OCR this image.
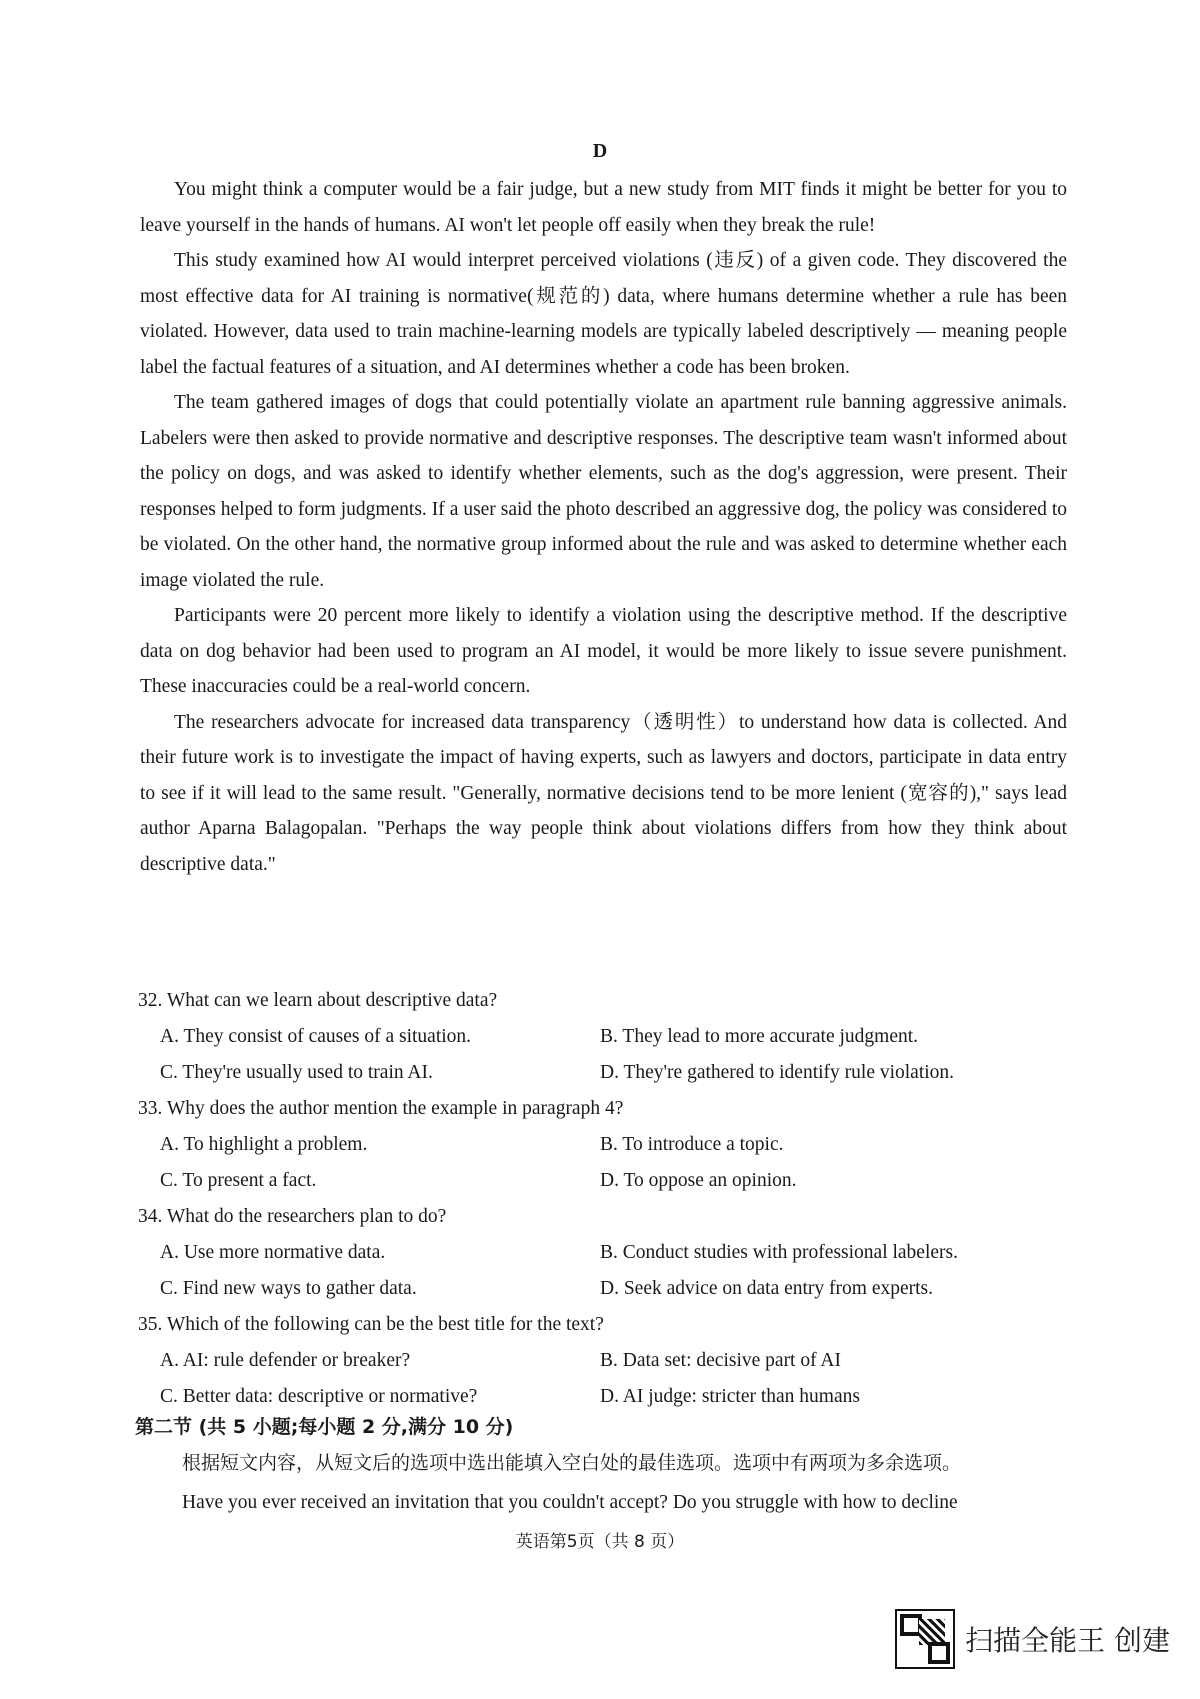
D

You might think a computer would be a fair judge, but a new study from MIT finds it might be better for you to leave yourself in the hands of humans. AI won't let people off easily when they break the rule!

This study examined how AI would interpret perceived violations (违反) of a given code. They discovered the most effective data for AI training is normative(规范的) data, where humans determine whether a rule has been violated. However, data used to train machine-learning models are typically labeled descriptively — meaning people label the factual features of a situation, and AI determines whether a code has been broken.

The team gathered images of dogs that could potentially violate an apartment rule banning aggressive animals. Labelers were then asked to provide normative and descriptive responses. The descriptive team wasn't informed about the policy on dogs, and was asked to identify whether elements, such as the dog's aggression, were present. Their responses helped to form judgments. If a user said the photo described an aggressive dog, the policy was considered to be violated. On the other hand, the normative group informed about the rule and was asked to determine whether each image violated the rule.

Participants were 20 percent more likely to identify a violation using the descriptive method. If the descriptive data on dog behavior had been used to program an AI model, it would be more likely to issue severe punishment. These inaccuracies could be a real-world concern.

The researchers advocate for increased data transparency（透明性）to understand how data is collected. And their future work is to investigate the impact of having experts, such as lawyers and doctors, participate in data entry to see if it will lead to the same result. "Generally, normative decisions tend to be more lenient (宽容的)," says lead author Aparna Balagopalan. "Perhaps the way people think about violations differs from how they think about descriptive data."

32. What can we learn about descriptive data?

A. They consist of causes of a situation.	B. They lead to more accurate judgment.
C. They're usually used to train AI.	D. They're gathered to identify rule violation.

33. Why does the author mention the example in paragraph 4?

A. To highlight a problem.	B. To introduce a topic.
C. To present a fact.	D. To oppose an opinion.

34. What do the researchers plan to do?

A. Use more normative data.	B. Conduct studies with professional labelers.
C. Find new ways to gather data.	D. Seek advice on data entry from experts.

35. Which of the following can be the best title for the text?

A. AI: rule defender or breaker?	B. Data set: decisive part of AI
C. Better data: descriptive or normative?	D. AI judge: stricter than humans
第二节 (共 5 小题;每小题 2 分,满分 10 分)
根据短文内容，从短文后的选项中选出能填入空白处的最佳选项。选项中有两项为多余选项。
Have you ever received an invitation that you couldn't accept? Do you struggle with how to decline
英语第5页（共 8 页）
扫描全能王 创建
